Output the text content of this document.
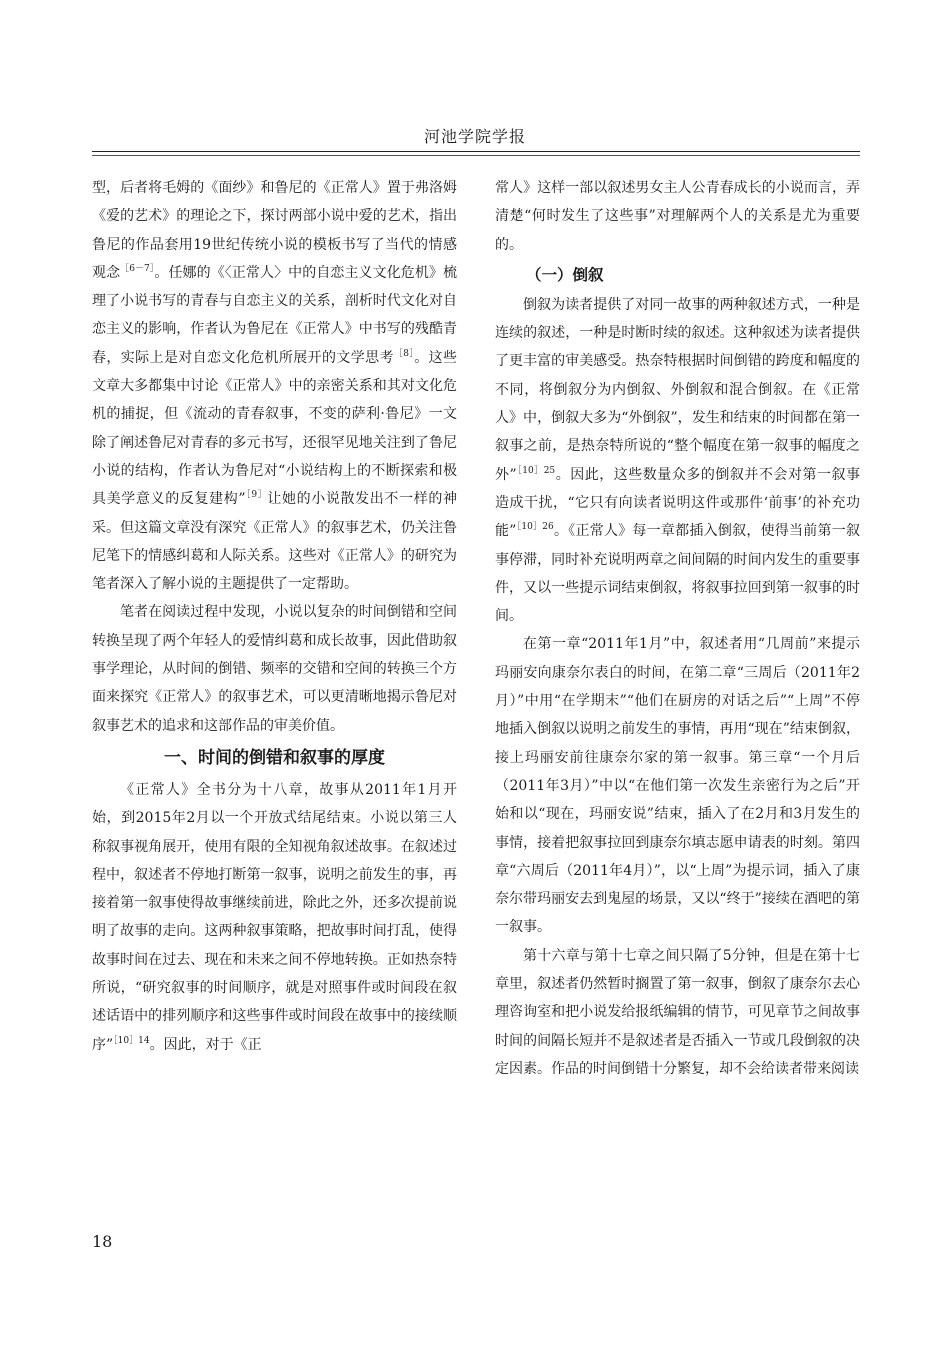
河池学院学报

型，后者将毛姆的《面纱》和鲁尼的《正常人》置于弗洛姆《爱的艺术》的理论之下，探讨两部小说中爱的艺术，指出鲁尼的作品套用19世纪传统小说的模板书写了当代的情感观念$^{[6-7]}$。任娜的《〈正常人〉中的自恋主义文化危机》梳理了小说书写的青春与自恋主义的关系，剖析时代文化对自恋主义的影响，作者认为鲁尼在《正常人》中书写的残酷青春，实际上是对自恋文化危机所展开的文学思考$^{[8]}$。这些文章大多都集中讨论《正常人》中的亲密关系和其对文化危机的捕捉，但《流动的青春叙事，不变的萨利·鲁尼》一文除了阐述鲁尼对青春的多元书写，还很罕见地关注到了鲁尼小说的结构，作者认为鲁尼对“小说结构上的不断探索和极具美学意义的反复建构”$^{[9]}$让她的小说散发出不一样的神采。但这篇文章没有深究《正常人》的叙事艺术，仍关注鲁尼笔下的情感纠葛和人际关系。这些对《正常人》的研究为笔者深入了解小说的主题提供了一定帮助。

笔者在阅读过程中发现，小说以复杂的时间倒错和空间转换呈现了两个年轻人的爱情纠葛和成长故事，因此借助叙事学理论，从时间的倒错、频率的交错和空间的转换三个方面来探究《正常人》的叙事艺术，可以更清晰地揭示鲁尼对叙事艺术的追求和这部作品的审美价值。

一、时间的倒错和叙事的厚度

《正常人》全书分为十八章，故事从2011年1月开始，到2015年2月以一个开放式结尾结束。小说以第三人称叙事视角展开，使用有限的全知视角叙述故事。在叙述过程中，叙述者不停地打断第一叙事，说明之前发生的事，再接着第一叙事使得故事继续前进，除此之外，还多次提前说明了故事的走向。这两种叙事策略，把故事时间打乱，使得故事时间在过去、现在和未来之间不停地转换。正如热奈特所说，“研究叙事的时间顺序，就是对照事件或时间段在叙述话语中的排列顺序和这些事件或时间段在故事中的接续顺序”$^{[10]14}$。因此，对于《正

常人》这样一部以叙述男女主人公青春成长的小说而言，弄清楚“何时发生了这些事”对理解两个人的关系是尤为重要的。

（一）倒叙

倒叙为读者提供了对同一故事的两种叙述方式，一种是连续的叙述，一种是时断时续的叙述。这种叙述为读者提供了更丰富的审美感受。热奈特根据时间倒错的跨度和幅度的不同，将倒叙分为内倒叙、外倒叙和混合倒叙。在《正常人》中，倒叙大多为“外倒叙”，发生和结束的时间都在第一叙事之前，是热奈特所说的“整个幅度在第一叙事的幅度之外”$^{[10]25}$。因此，这些数量众多的倒叙并不会对第一叙事造成干扰，“它只有向读者说明这件或那件‘前事’的补充功能”$^{[10]26}$。《正常人》每一章都插入倒叙，使得当前第一叙事停滞，同时补充说明两章之间间隔的时间内发生的重要事件，又以一些提示词结束倒叙，将叙事拉回到第一叙事的时间。

在第一章“2011年1月”中，叙述者用“几周前”来提示玛丽安向康奈尔表白的时间，在第二章“三周后（2011年2月）”中用“在学期末”“他们在厨房的对话之后”“上周”不停地插入倒叙以说明之前发生的事情，再用“现在”结束倒叙，接上玛丽安前往康奈尔家的第一叙事。第三章“一个月后（2011年3月）”中以“在他们第一次发生亲密行为之后”开始和以“现在，玛丽安说”结束，插入了在2月和3月发生的事情，接着把叙事拉回到康奈尔填志愿申请表的时刻。第四章“六周后（2011年4月）”，以“上周”为提示词，插入了康奈尔带玛丽安去到鬼屋的场景，又以“终于”接续在酒吧的第一叙事。

第十六章与第十七章之间只隔了5分钟，但是在第十七章里，叙述者仍然暂时搁置了第一叙事，倒叙了康奈尔去心理咨询室和把小说发给报纸编辑的情节，可见章节之间故事时间的间隔长短并不是叙述者是否插入一节或几段倒叙的决定因素。作品的时间倒错十分繁复，却不会给读者带来阅读

18
